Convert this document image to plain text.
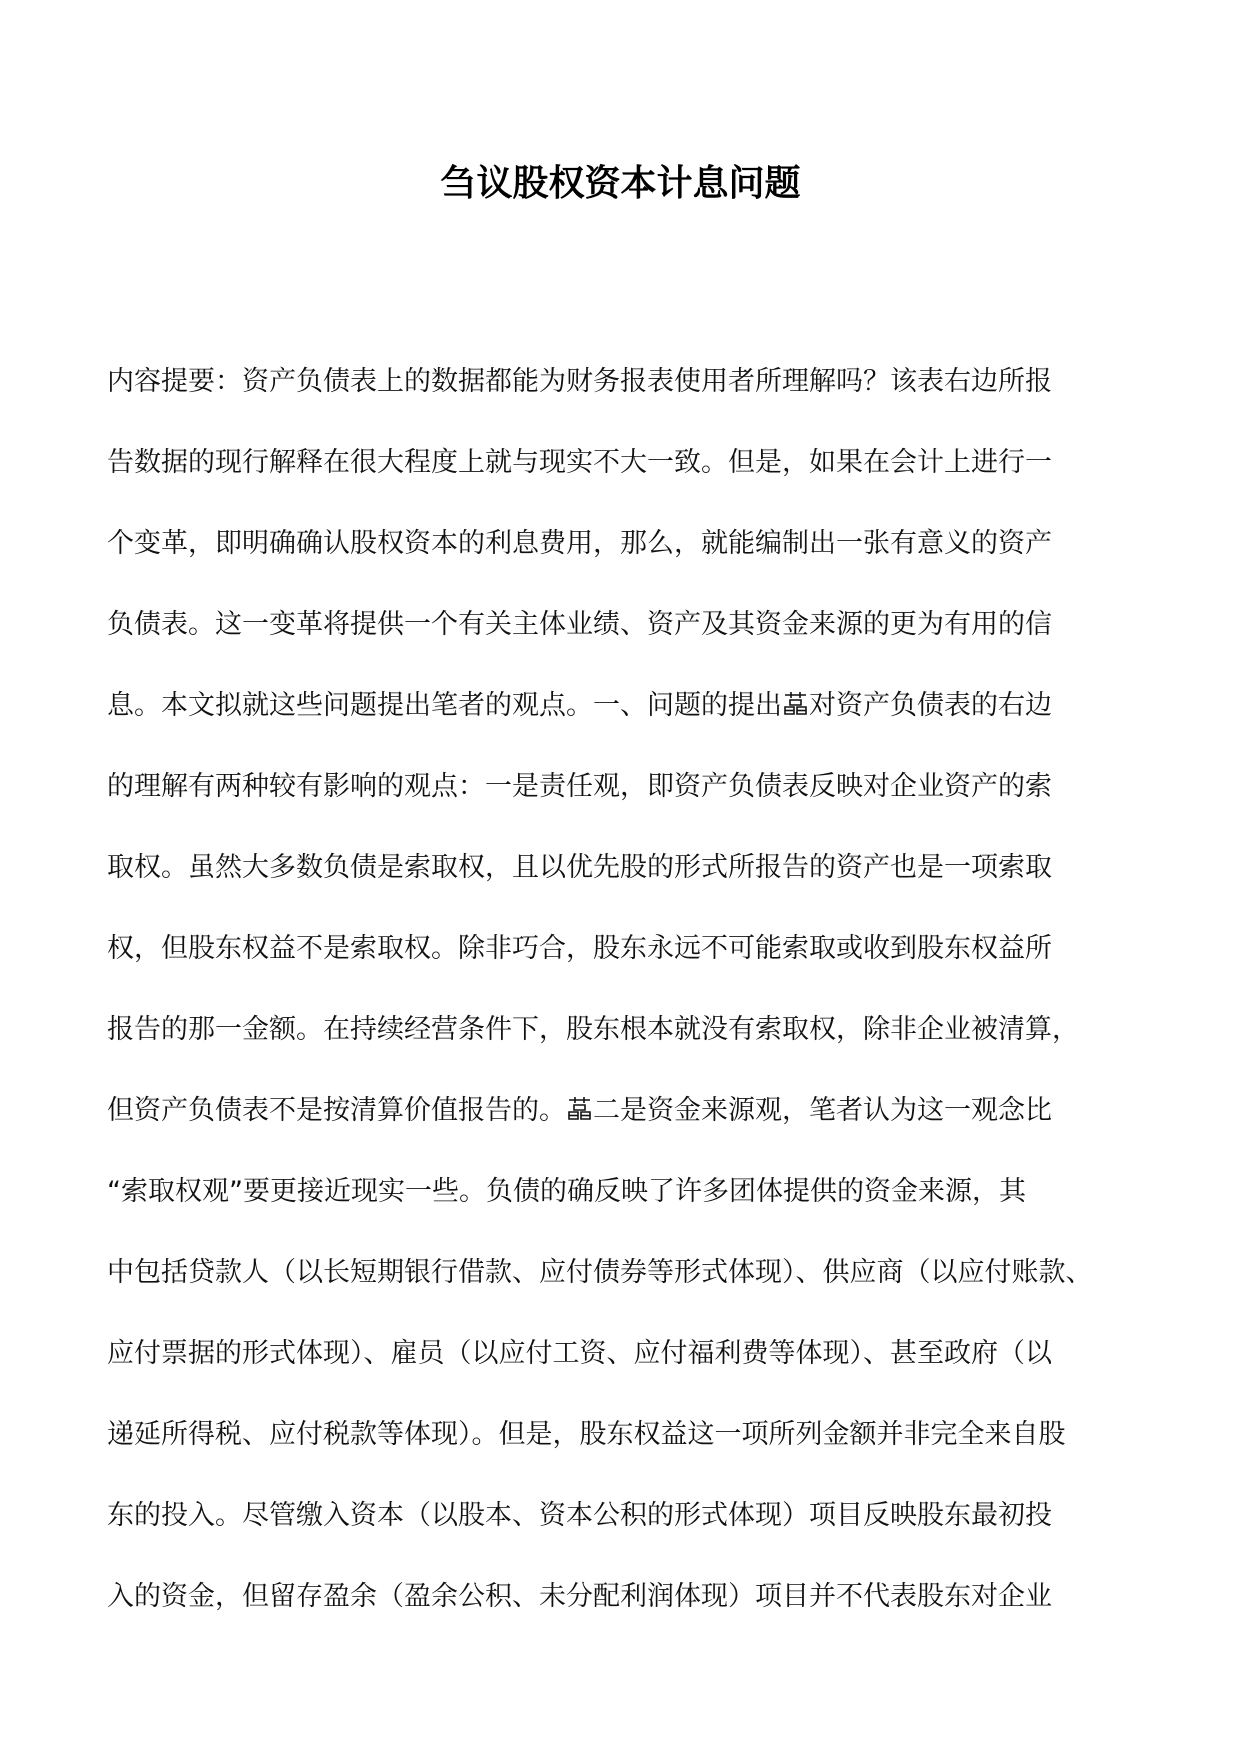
刍议股权资本计息问题
内容提要：资产负债表上的数据都能为财务报表使用者所理解吗？该表右边所报
告数据的现行解释在很大程度上就与现实不大一致。但是，如果在会计上进行一
个变革，即明确确认股权资本的利息费用，那么，就能编制出一张有意义的资产
负债表。这一变革将提供一个有关主体业绩、资产及其资金来源的更为有用的信
息。本文拟就这些问题提出笔者的观点。一、问题的提出 对资产负债表的右边
的理解有两种较有影响的观点：一是责任观，即资产负债表反映对企业资产的索
取权。虽然大多数负债是索取权，且以优先股的形式所报告的资产也是一项索取
权，但股东权益不是索取权。除非巧合，股东永远不可能索取或收到股东权益所
报告的那一金额。在持续经营条件下，股东根本就没有索取权，除非企业被清算，
但资产负债表不是按清算价值报告的。 二是资金来源观，笔者认为这一观念比
“索取权观”要更接近现实一些。负债的确反映了许多团体提供的资金来源，其
中包括贷款人（以长短期银行借款、应付债券等形式体现）、供应商（以应付账款、
应付票据的形式体现）、雇员（以应付工资、应付福利费等体现）、甚至政府（以
递延所得税、应付税款等体现）。但是，股东权益这一项所列金额并非完全来自股
东的投入。尽管缴入资本（以股本、资本公积的形式体现）项目反映股东最初投
入的资金，但留存盈余（盈余公积、未分配利润体现）项目并不代表股东对企业
